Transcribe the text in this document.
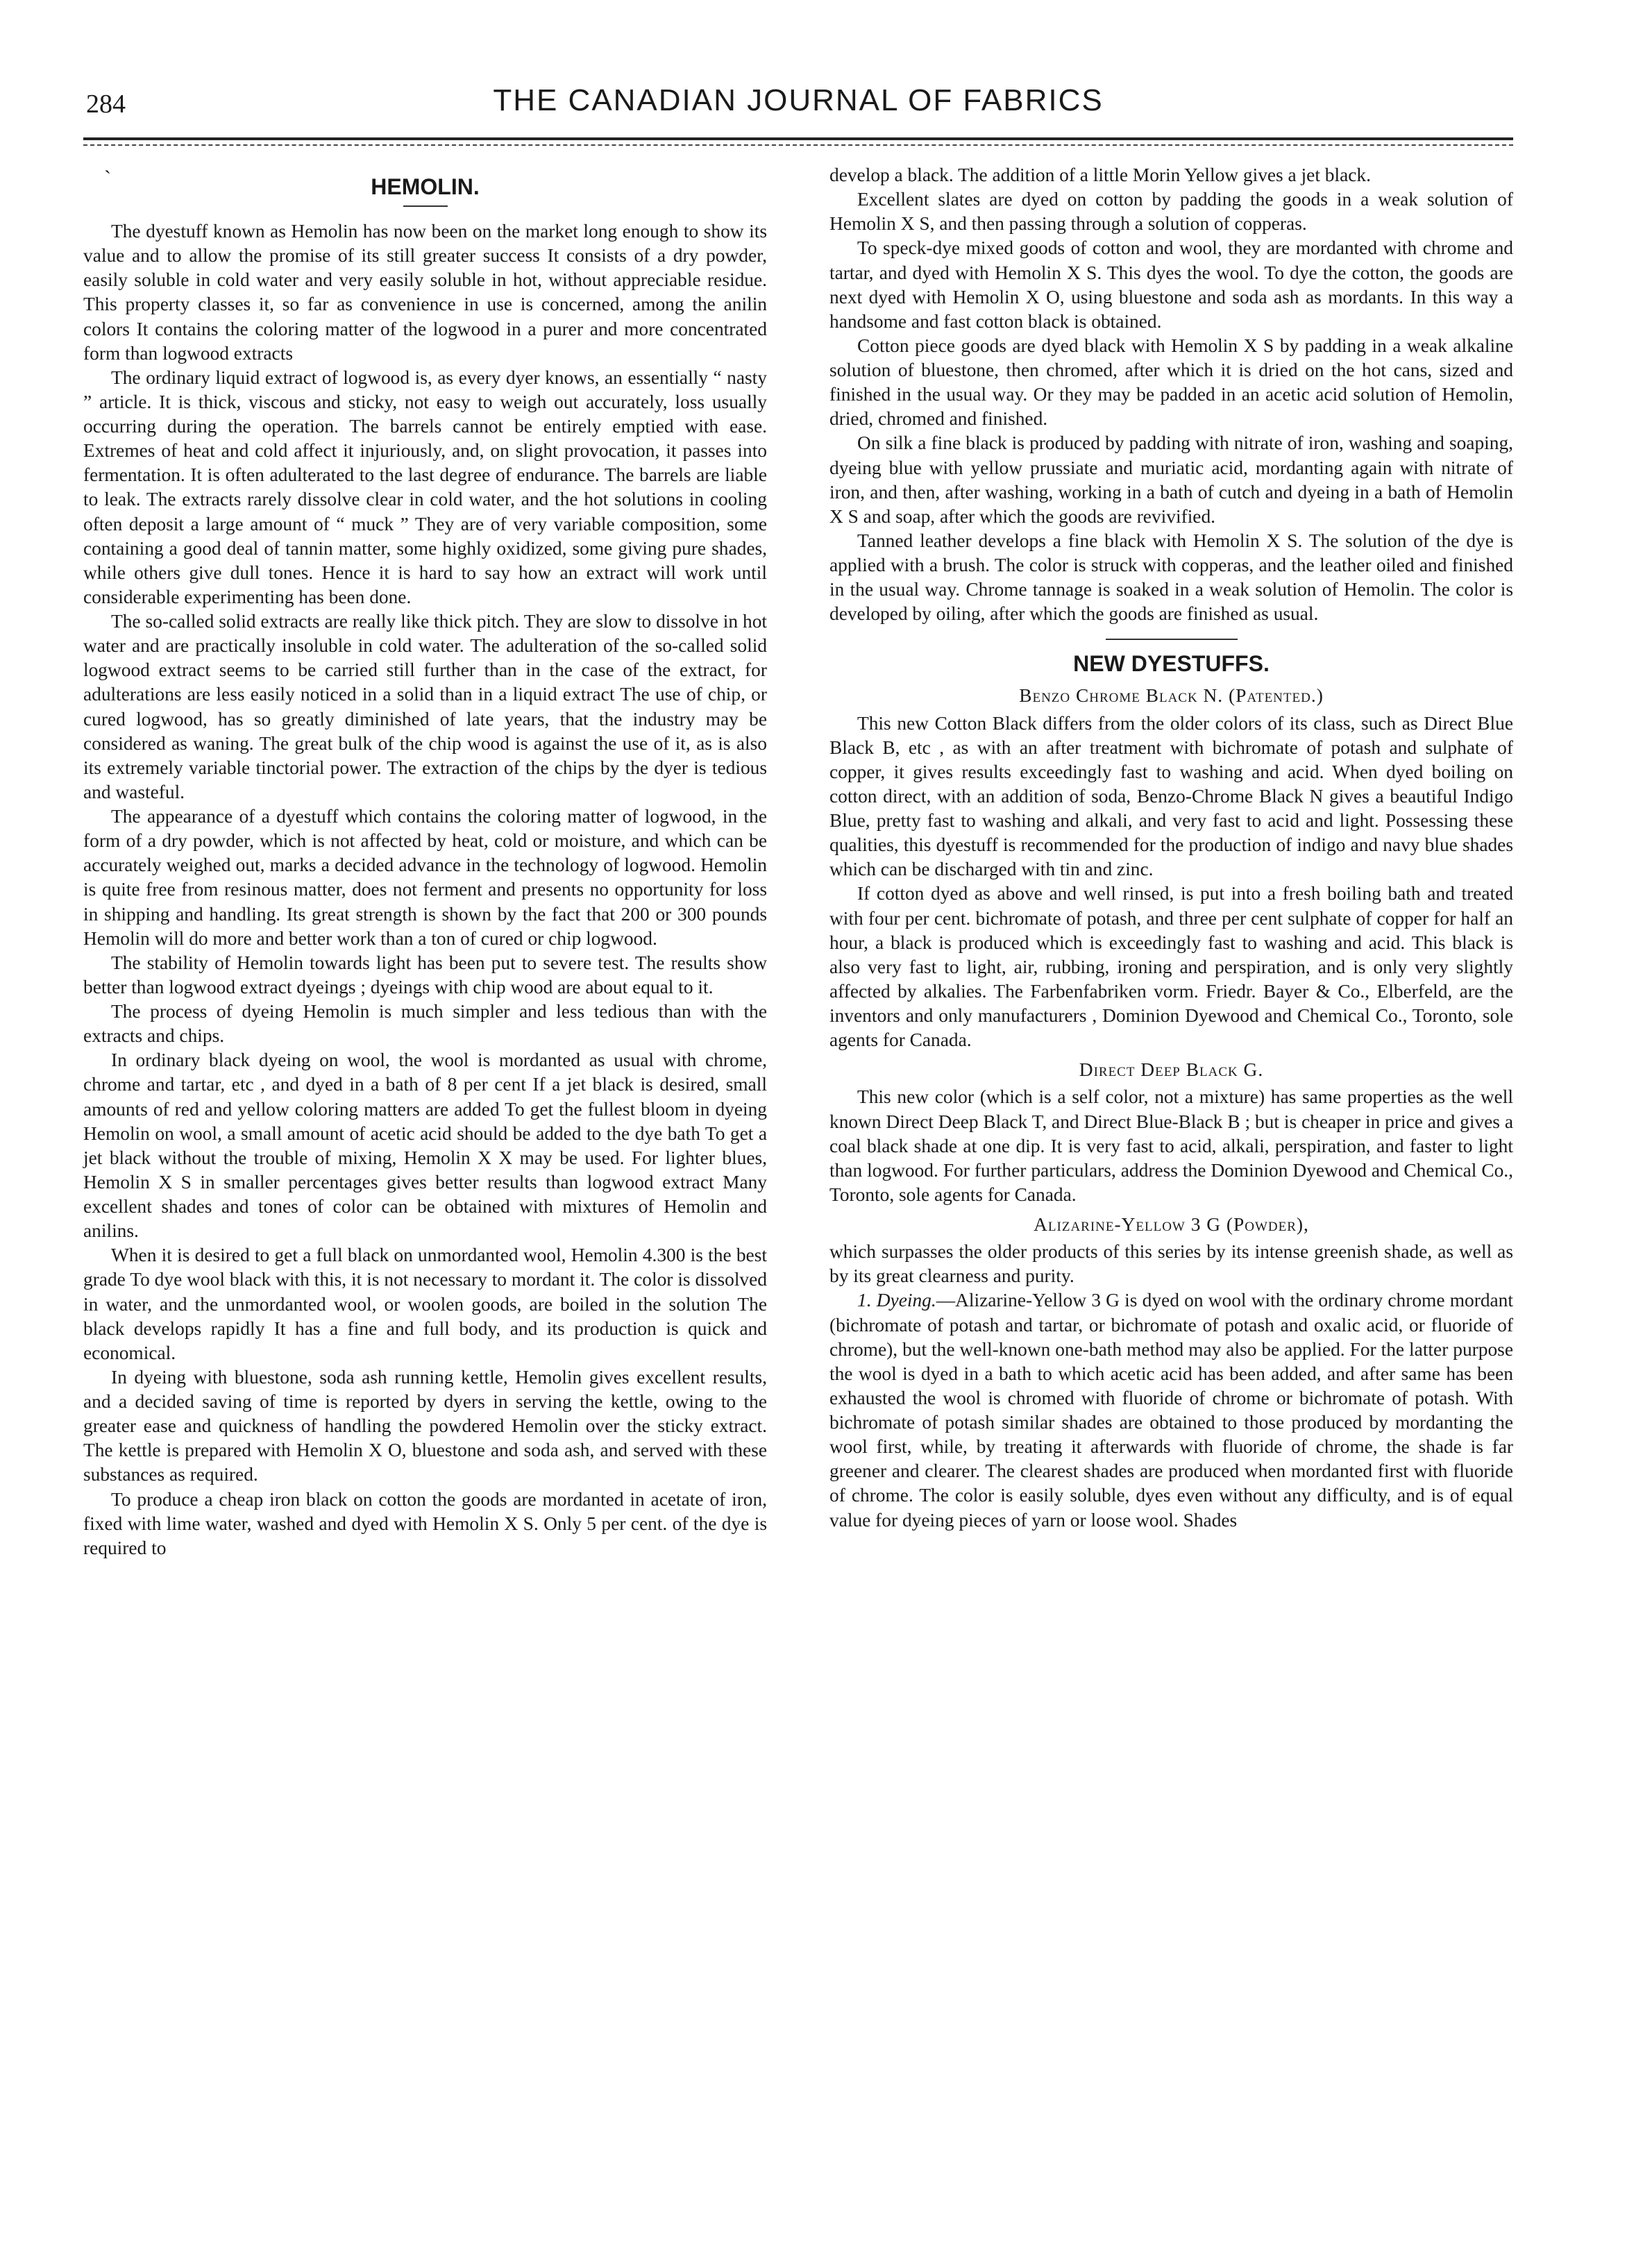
284	THE CANADIAN JOURNAL OF FABRICS
`	HEMOLIN.

The dyestuff known as Hemolin has now been on the market long enough to show its value and to allow the promise of its still greater success It consists of a dry powder, easily soluble in cold water and very easily soluble in hot, without appreciable residue. This property classes it, so far as convenience in use is concerned, among the anilin colors It contains the coloring matter of the logwood in a purer and more concentrated form than logwood extracts

The ordinary liquid extract of logwood is, as every dyer knows, an essentially “ nasty ” article. It is thick, viscous and sticky, not easy to weigh out accurately, loss usually occurring during the operation. The barrels cannot be entirely emptied with ease. Extremes of heat and cold affect it injuriously, and, on slight provocation, it passes into fermentation. It is often adulterated to the last degree of endurance. The barrels are liable to leak. The extracts rarely dissolve clear in cold water, and the hot solutions in cooling often deposit a large amount of “ muck ” They are of very variable composition, some containing a good deal of tannin matter, some highly oxidized, some giving pure shades, while others give dull tones. Hence it is hard to say how an extract will work until considerable experimenting has been done.

The so-called solid extracts are really like thick pitch. They are slow to dissolve in hot water and are practically insoluble in cold water. The adulteration of the so-called solid logwood extract seems to be carried still further than in the case of the extract, for adulterations are less easily noticed in a solid than in a liquid extract The use of chip, or cured logwood, has so greatly diminished of late years, that the industry may be considered as waning. The great bulk of the chip wood is against the use of it, as is also its extremely variable tinctorial power. The extraction of the chips by the dyer is tedious and wasteful.

The appearance of a dyestuff which contains the coloring matter of logwood, in the form of a dry powder, which is not affected by heat, cold or moisture, and which can be accurately weighed out, marks a decided advance in the technology of logwood. Hemolin is quite free from resinous matter, does not ferment and presents no opportunity for loss in shipping and handling. Its great strength is shown by the fact that 200 or 300 pounds Hemolin will do more and better work than a ton of cured or chip logwood.

The stability of Hemolin towards light has been put to severe test. The results show better than logwood extract dyeings ; dyeings with chip wood are about equal to it.

The process of dyeing Hemolin is much simpler and less tedious than with the extracts and chips.

In ordinary black dyeing on wool, the wool is mordanted as usual with chrome, chrome and tartar, etc , and dyed in a bath of 8 per cent If a jet black is desired, small amounts of red and yellow coloring matters are added To get the fullest bloom in dyeing Hemolin on wool, a small amount of acetic acid should be added to the dye bath To get a jet black without the trouble of mixing, Hemolin X X may be used. For lighter blues, Hemolin X S in smaller percentages gives better results than logwood extract Many excellent shades and tones of color can be obtained with mixtures of Hemolin and anilins.

When it is desired to get a full black on unmordanted wool, Hemolin 4.300 is the best grade To dye wool black with this, it is not necessary to mordant it. The color is dissolved in water, and the unmordanted wool, or woolen goods, are boiled in the solution The black develops rapidly It has a fine and full body, and its production is quick and economical.

In dyeing with bluestone, soda ash running kettle, Hemolin gives excellent results, and a decided saving of time is reported by dyers in serving the kettle, owing to the greater ease and quickness of handling the powdered Hemolin over the sticky extract. The kettle is prepared with Hemolin X O, bluestone and soda ash, and served with these substances as required.

To produce a cheap iron black on cotton the goods are mordanted in acetate of iron, fixed with lime water, washed and dyed with Hemolin X S. Only 5 per cent. of the dye is required to

develop a black. The addition of a little Morin Yellow gives a jet black.

Excellent slates are dyed on cotton by padding the goods in a weak solution of Hemolin X S, and then passing through a solution of copperas.

To speck-dye mixed goods of cotton and wool, they are mordanted with chrome and tartar, and dyed with Hemolin X S. This dyes the wool. To dye the cotton, the goods are next dyed with Hemolin X O, using bluestone and soda ash as mordants. In this way a handsome and fast cotton black is obtained.

Cotton piece goods are dyed black with Hemolin X S by padding in a weak alkaline solution of bluestone, then chromed, after which it is dried on the hot cans, sized and finished in the usual way. Or they may be padded in an acetic acid solution of Hemolin, dried, chromed and finished.

On silk a fine black is produced by padding with nitrate of iron, washing and soaping, dyeing blue with yellow prussiate and muriatic acid, mordanting again with nitrate of iron, and then, after washing, working in a bath of cutch and dyeing in a bath of Hemolin X S and soap, after which the goods are revivified.

Tanned leather develops a fine black with Hemolin X S. The solution of the dye is applied with a brush. The color is struck with copperas, and the leather oiled and finished in the usual way. Chrome tannage is soaked in a weak solution of Hemolin. The color is developed by oiling, after which the goods are finished as usual.

NEW DYESTUFFS.
Benzo Chrome Black N. (Patented.)

This new Cotton Black differs from the older colors of its class, such as Direct Blue Black B, etc , as with an after treatment with bichromate of potash and sulphate of copper, it gives results exceedingly fast to washing and acid. When dyed boiling on cotton direct, with an addition of soda, Benzo-Chrome Black N gives a beautiful Indigo Blue, pretty fast to washing and alkali, and very fast to acid and light. Possessing these qualities, this dyestuff is recommended for the production of indigo and navy blue shades which can be discharged with tin and zinc.

If cotton dyed as above and well rinsed, is put into a fresh boiling bath and treated with four per cent. bichromate of potash, and three per cent sulphate of copper for half an hour, a black is produced which is exceedingly fast to washing and acid. This black is also very fast to light, air, rubbing, ironing and perspiration, and is only very slightly affected by alkalies. The Farbenfabriken vorm. Friedr. Bayer & Co., Elberfeld, are the inventors and only manufacturers , Dominion Dyewood and Chemical Co., Toronto, sole agents for Canada.

Direct Deep Black G.

This new color (which is a self color, not a mixture) has same properties as the well known Direct Deep Black T, and Direct Blue-Black B ; but is cheaper in price and gives a coal black shade at one dip. It is very fast to acid, alkali, perspiration, and faster to light than logwood. For further particulars, address the Dominion Dyewood and Chemical Co., Toronto, sole agents for Canada.

Alizarine-Yellow 3 G (Powder),

which surpasses the older products of this series by its intense greenish shade, as well as by its great clearness and purity.

1. Dyeing.—Alizarine-Yellow 3 G is dyed on wool with the ordinary chrome mordant (bichromate of potash and tartar, or bichromate of potash and oxalic acid, or fluoride of chrome), but the well-known one-bath method may also be applied. For the latter purpose the wool is dyed in a bath to which acetic acid has been added, and after same has been exhausted the wool is chromed with fluoride of chrome or bichromate of potash. With bichromate of potash similar shades are obtained to those produced by mordanting the wool first, while, by treating it afterwards with fluoride of chrome, the shade is far greener and clearer. The clearest shades are produced when mordanted first with fluoride of chrome. The color is easily soluble, dyes even without any difficulty, and is of equal value for dyeing pieces of yarn or loose wool. Shades
